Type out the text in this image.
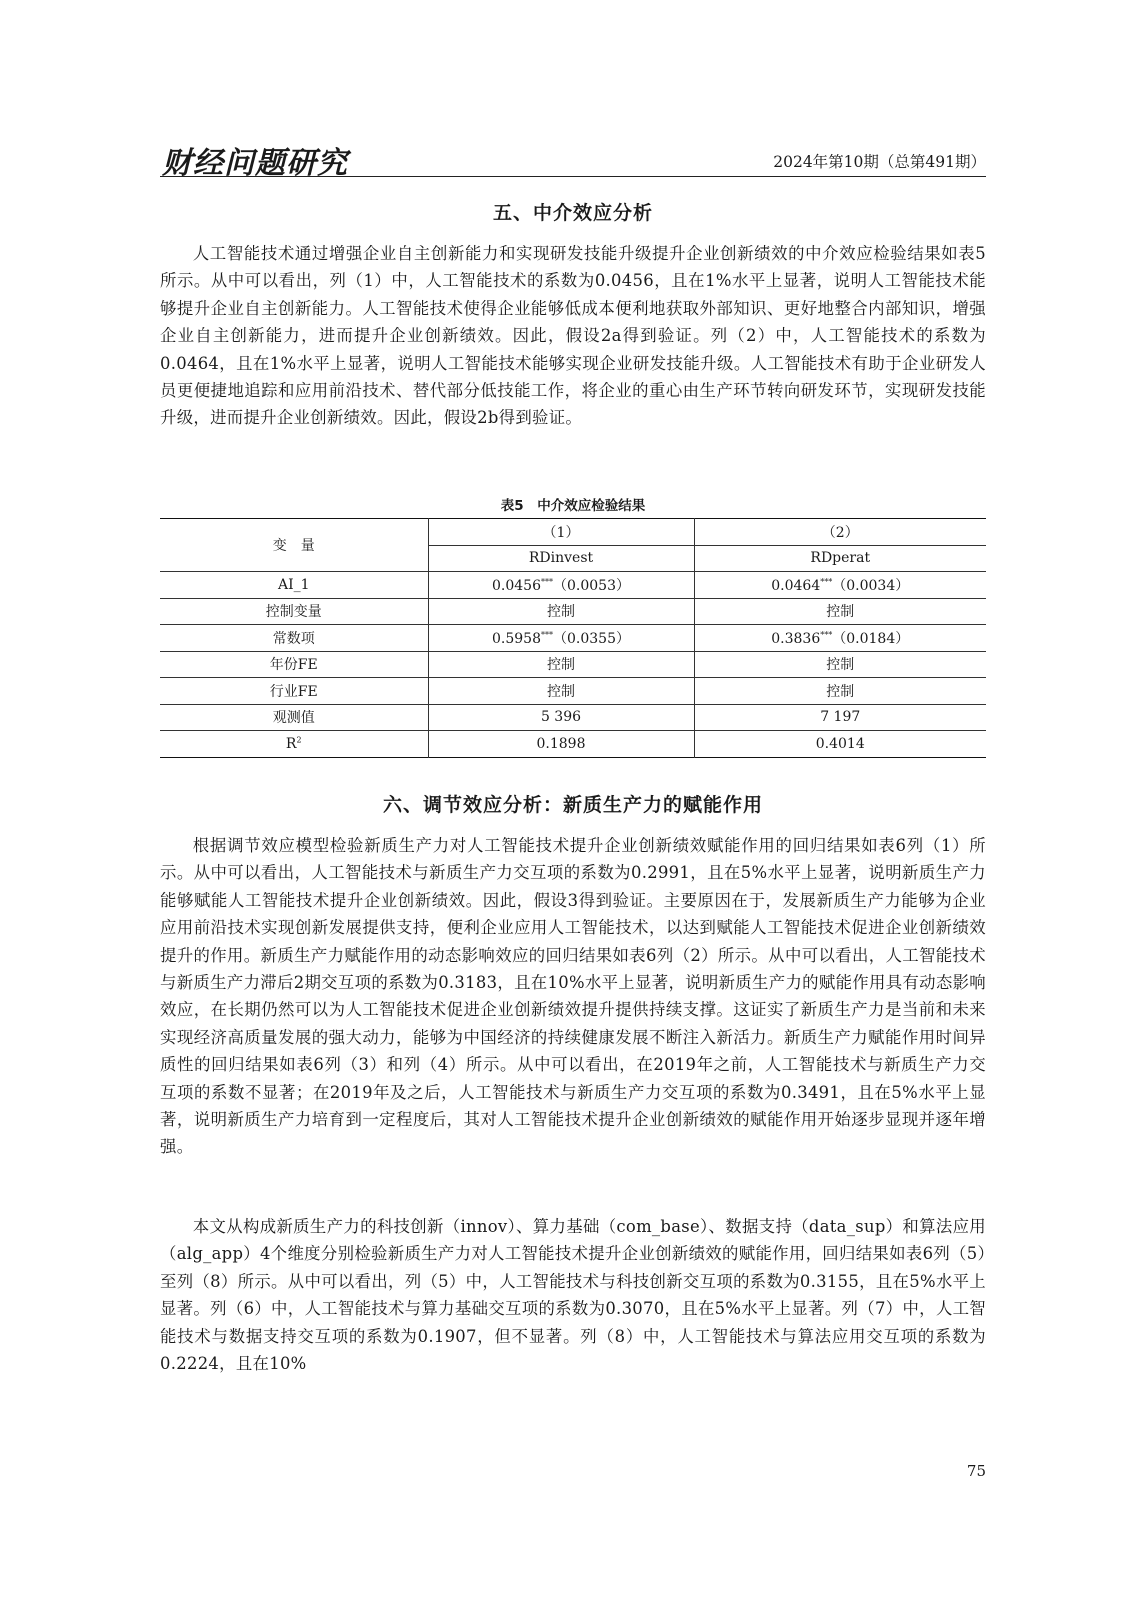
财经问题研究	2024年第10期（总第491期）
五、中介效应分析

人工智能技术通过增强企业自主创新能力和实现研发技能升级提升企业创新绩效的中介效应检验结果如表5所示。从中可以看出，列（1）中，人工智能技术的系数为0.0456，且在1%水平上显著，说明人工智能技术能够提升企业自主创新能力。人工智能技术使得企业能够低成本便利地获取外部知识、更好地整合内部知识，增强企业自主创新能力，进而提升企业创新绩效。因此，假设2a得到验证。列（2）中，人工智能技术的系数为0.0464，且在1%水平上显著，说明人工智能技术能够实现企业研发技能升级。人工智能技术有助于企业研发人员更便捷地追踪和应用前沿技术、替代部分低技能工作，将企业的重心由生产环节转向研发环节，实现研发技能升级，进而提升企业创新绩效。因此，假设2b得到验证。

表5　中介效应检验结果
变　量	（1）	（2）
	RDinvest	RDperat
AI_1	0.0456***（0.0053）	0.0464***（0.0034）
控制变量	控制	控制
常数项	0.5958***（0.0355）	0.3836***（0.0184）
年份FE	控制	控制
行业FE	控制	控制
观测值	5 396	7 197
$R^2$	0.1898	0.4014
六、调节效应分析：新质生产力的赋能作用

根据调节效应模型检验新质生产力对人工智能技术提升企业创新绩效赋能作用的回归结果如表6列（1）所示。从中可以看出，人工智能技术与新质生产力交互项的系数为0.2991，且在5%水平上显著，说明新质生产力能够赋能人工智能技术提升企业创新绩效。因此，假设3得到验证。主要原因在于，发展新质生产力能够为企业应用前沿技术实现创新发展提供支持，便利企业应用人工智能技术，以达到赋能人工智能技术促进企业创新绩效提升的作用。新质生产力赋能作用的动态影响效应的回归结果如表6列（2）所示。从中可以看出，人工智能技术与新质生产力滞后2期交互项的系数为0.3183，且在10%水平上显著，说明新质生产力的赋能作用具有动态影响效应，在长期仍然可以为人工智能技术促进企业创新绩效提升提供持续支撑。这证实了新质生产力是当前和未来实现经济高质量发展的强大动力，能够为中国经济的持续健康发展不断注入新活力。新质生产力赋能作用时间异质性的回归结果如表6列（3）和列（4）所示。从中可以看出，在2019年之前，人工智能技术与新质生产力交互项的系数不显著；在2019年及之后，人工智能技术与新质生产力交互项的系数为0.3491，且在5%水平上显著，说明新质生产力培育到一定程度后，其对人工智能技术提升企业创新绩效的赋能作用开始逐步显现并逐年增强。

本文从构成新质生产力的科技创新（innov）、算力基础（com_base）、数据支持（data_sup）和算法应用（alg_app）4个维度分别检验新质生产力对人工智能技术提升企业创新绩效的赋能作用，回归结果如表6列（5）至列（8）所示。从中可以看出，列（5）中，人工智能技术与科技创新交互项的系数为0.3155，且在5%水平上显著。列（6）中，人工智能技术与算力基础交互项的系数为0.3070，且在5%水平上显著。列（7）中，人工智能技术与数据支持交互项的系数为0.1907，但不显著。列（8）中，人工智能技术与算法应用交互项的系数为0.2224，且在10%

75
